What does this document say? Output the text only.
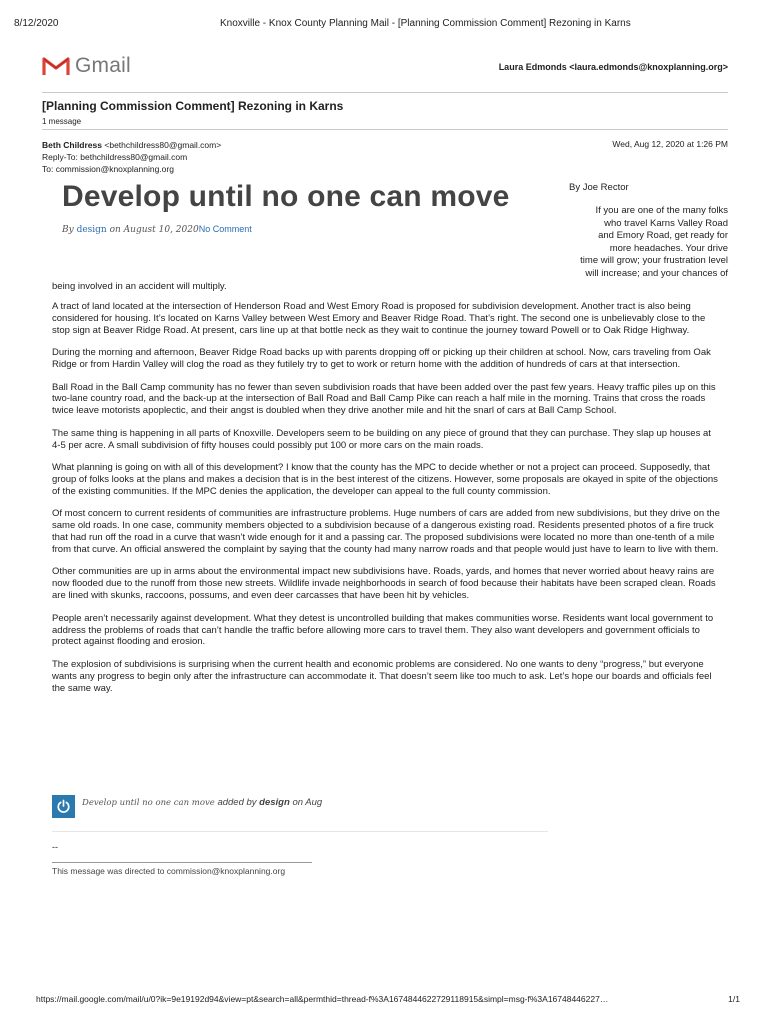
8/12/2020	Knoxville - Knox County Planning Mail - [Planning Commission Comment] Rezoning in Karns
Gmail	Laura Edmonds <laura.edmonds@knoxplanning.org>
[Planning Commission Comment] Rezoning in Karns
1 message
Beth Childress <bethchildress80@gmail.com>
Reply-To: bethchildress80@gmail.com
To: commission@knoxplanning.org
Wed, Aug 12, 2020 at 1:26 PM
Develop until no one can move
By design on August 10, 2020No Comment
By Joe Rector
If you are one of the many folks
who travel Karns Valley Road
and Emory Road, get ready for
more headaches. Your drive
time will grow; your frustration level
will increase; and your chances of
being involved in an accident will multiply.

A tract of land located at the intersection of Henderson Road and West Emory Road is proposed for subdivision development. Another tract is also being considered for housing. It’s located on Karns Valley between West Emory and Beaver Ridge Road. That’s right. The second one is unbelievably close to the stop sign at Beaver Ridge Road. At present, cars line up at that bottle neck as they wait to continue the journey toward Powell or to Oak Ridge Highway.

During the morning and afternoon, Beaver Ridge Road backs up with parents dropping off or picking up their children at school. Now, cars traveling from Oak Ridge or from Hardin Valley will clog the road as they futilely try to get to work or return home with the addition of hundreds of cars at that intersection.

Ball Road in the Ball Camp community has no fewer than seven subdivision roads that have been added over the past few years. Heavy traffic piles up on this two-lane country road, and the back-up at the intersection of Ball Road and Ball Camp Pike can reach a half mile in the morning. Trains that cross the roads twice leave motorists apoplectic, and their angst is doubled when they drive another mile and hit the snarl of cars at Ball Camp School.

The same thing is happening in all parts of Knoxville. Developers seem to be building on any piece of ground that they can purchase. They slap up houses at 4-5 per acre. A small subdivision of fifty houses could possibly put 100 or more cars on the main roads.

What planning is going on with all of this development? I know that the county has the MPC to decide whether or not a project can proceed. Supposedly, that group of folks looks at the plans and makes a decision that is in the best interest of the citizens. However, some proposals are okayed in spite of the objections of the existing communities. If the MPC denies the application, the developer can appeal to the full county commission.

Of most concern to current residents of communities are infrastructure problems. Huge numbers of cars are added from new subdivisions, but they drive on the same old roads. In one case, community members objected to a subdivision because of a dangerous existing road. Residents presented photos of a fire truck that had run off the road in a curve that wasn’t wide enough for it and a passing car. The proposed subdivisions were located no more than one-tenth of a mile from that curve. An official answered the complaint by saying that the county had many narrow roads and that people would just have to learn to live with them.

Other communities are up in arms about the environmental impact new subdivisions have. Roads, yards, and homes that never worried about heavy rains are now flooded due to the runoff from those new streets. Wildlife invade neighborhoods in search of food because their habitats have been scraped clean. Roads are lined with skunks, raccoons, possums, and even deer carcasses that have been hit by vehicles.

People aren’t necessarily against development. What they detest is uncontrolled building that makes communities worse. Residents want local government to address the problems of roads that can’t handle the traffic before allowing more cars to travel them. They also want developers and government officials to protect against flooding and erosion.

The explosion of subdivisions is surprising when the current health and economic problems are considered. No one wants to deny “progress,” but everyone wants any progress to begin only after the infrastructure can accommodate it. That doesn’t seem like too much to ask. Let’s hope our boards and officials feel the same way.

Develop until no one can move added by design on Aug
--
This message was directed to commission@knoxplanning.org
https://mail.google.com/mail/u/0?ik=9e19192d94&view=pt&search=all&permthid=thread-f%3A1674844622729118915&simpl=msg-f%3A16748446227…	1/1
